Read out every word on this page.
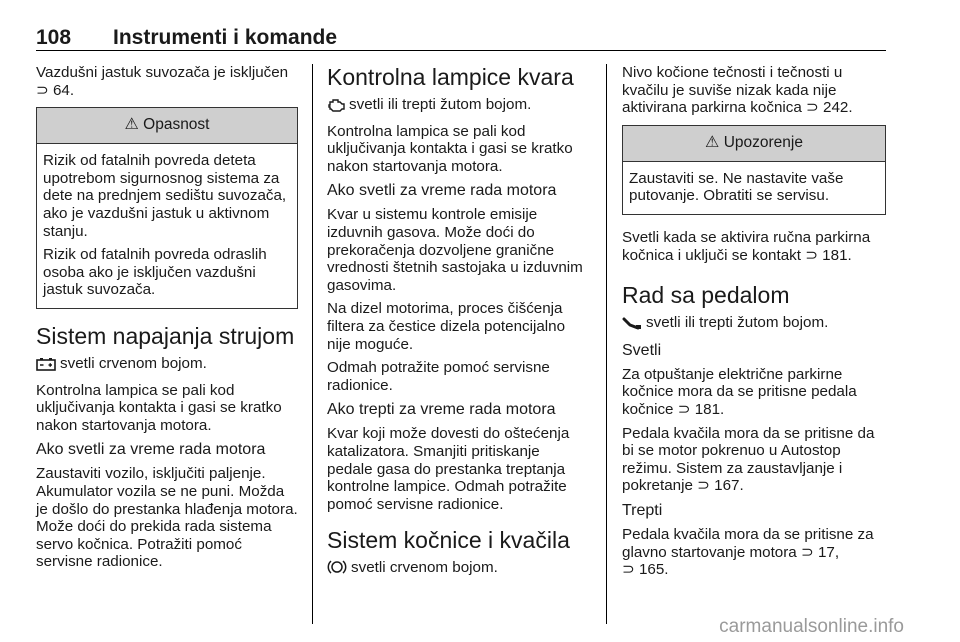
108 Instrumenti i komande

Vazdušni jastuk suvozača je isključen
⊃ 64.

⚠ Opasnost

Rizik od fatalnih povreda deteta upotrebom sigurnosnog sistema za dete na prednjem sedištu suvozača, ako je vazdušni jastuk u aktivnom stanju.

Rizik od fatalnih povreda odraslih osoba ako je isključen vazdušni jastuk suvozača.

Sistem napajanja strujom

svetli crvenom bojom.

Kontrolna lampica se pali kod uključivanja kontakta i gasi se kratko nakon startovanja motora.

Ako svetli za vreme rada motora

Zaustaviti vozilo, isključiti paljenje. Akumulator vozila se ne puni. Možda je došlo do prestanka hlađenja motora. Može doći do prekida rada sistema servo kočnica. Potražiti pomoć servisne radionice.

Kontrolna lampice kvara

svetli ili trepti žutom bojom.

Kontrolna lampica se pali kod uključivanja kontakta i gasi se kratko nakon startovanja motora.

Ako svetli za vreme rada motora

Kvar u sistemu kontrole emisije izduvnih gasova. Može doći do prekoračenja dozvoljene granične vrednosti štetnih sastojaka u izduvnim gasovima.

Na dizel motorima, proces čišćenja filtera za čestice dizela potencijalno nije moguće.

Odmah potražite pomoć servisne radionice.

Ako trepti za vreme rada motora

Kvar koji može dovesti do oštećenja katalizatora. Smanjiti pritiskanje pedale gasa do prestanka treptanja kontrolne lampice. Odmah potražite pomoć servisne radionice.

Sistem kočnice i kvačila

svetli crvenom bojom.

Nivo kočione tečnosti i tečnosti u kvačilu je suviše nizak kada nije aktivirana parkirna kočnica ⊃ 242.

⚠ Upozorenje

Zaustaviti se. Ne nastavite vaše putovanje. Obratiti se servisu.

Svetli kada se aktivira ručna parkirna kočnica i uključi se kontakt ⊃ 181.

Rad sa pedalom

svetli ili trepti žutom bojom.

Svetli

Za otpuštanje električne parkirne kočnice mora da se pritisne pedala kočnice ⊃ 181.

Pedala kvačila mora da se pritisne da bi se motor pokrenuo u Autostop režimu. Sistem za zaustavljanje i pokretanje ⊃ 167.

Trepti

Pedala kvačila mora da se pritisne za glavno startovanje motora ⊃ 17,
⊃ 165.

carmanualsonline.info
